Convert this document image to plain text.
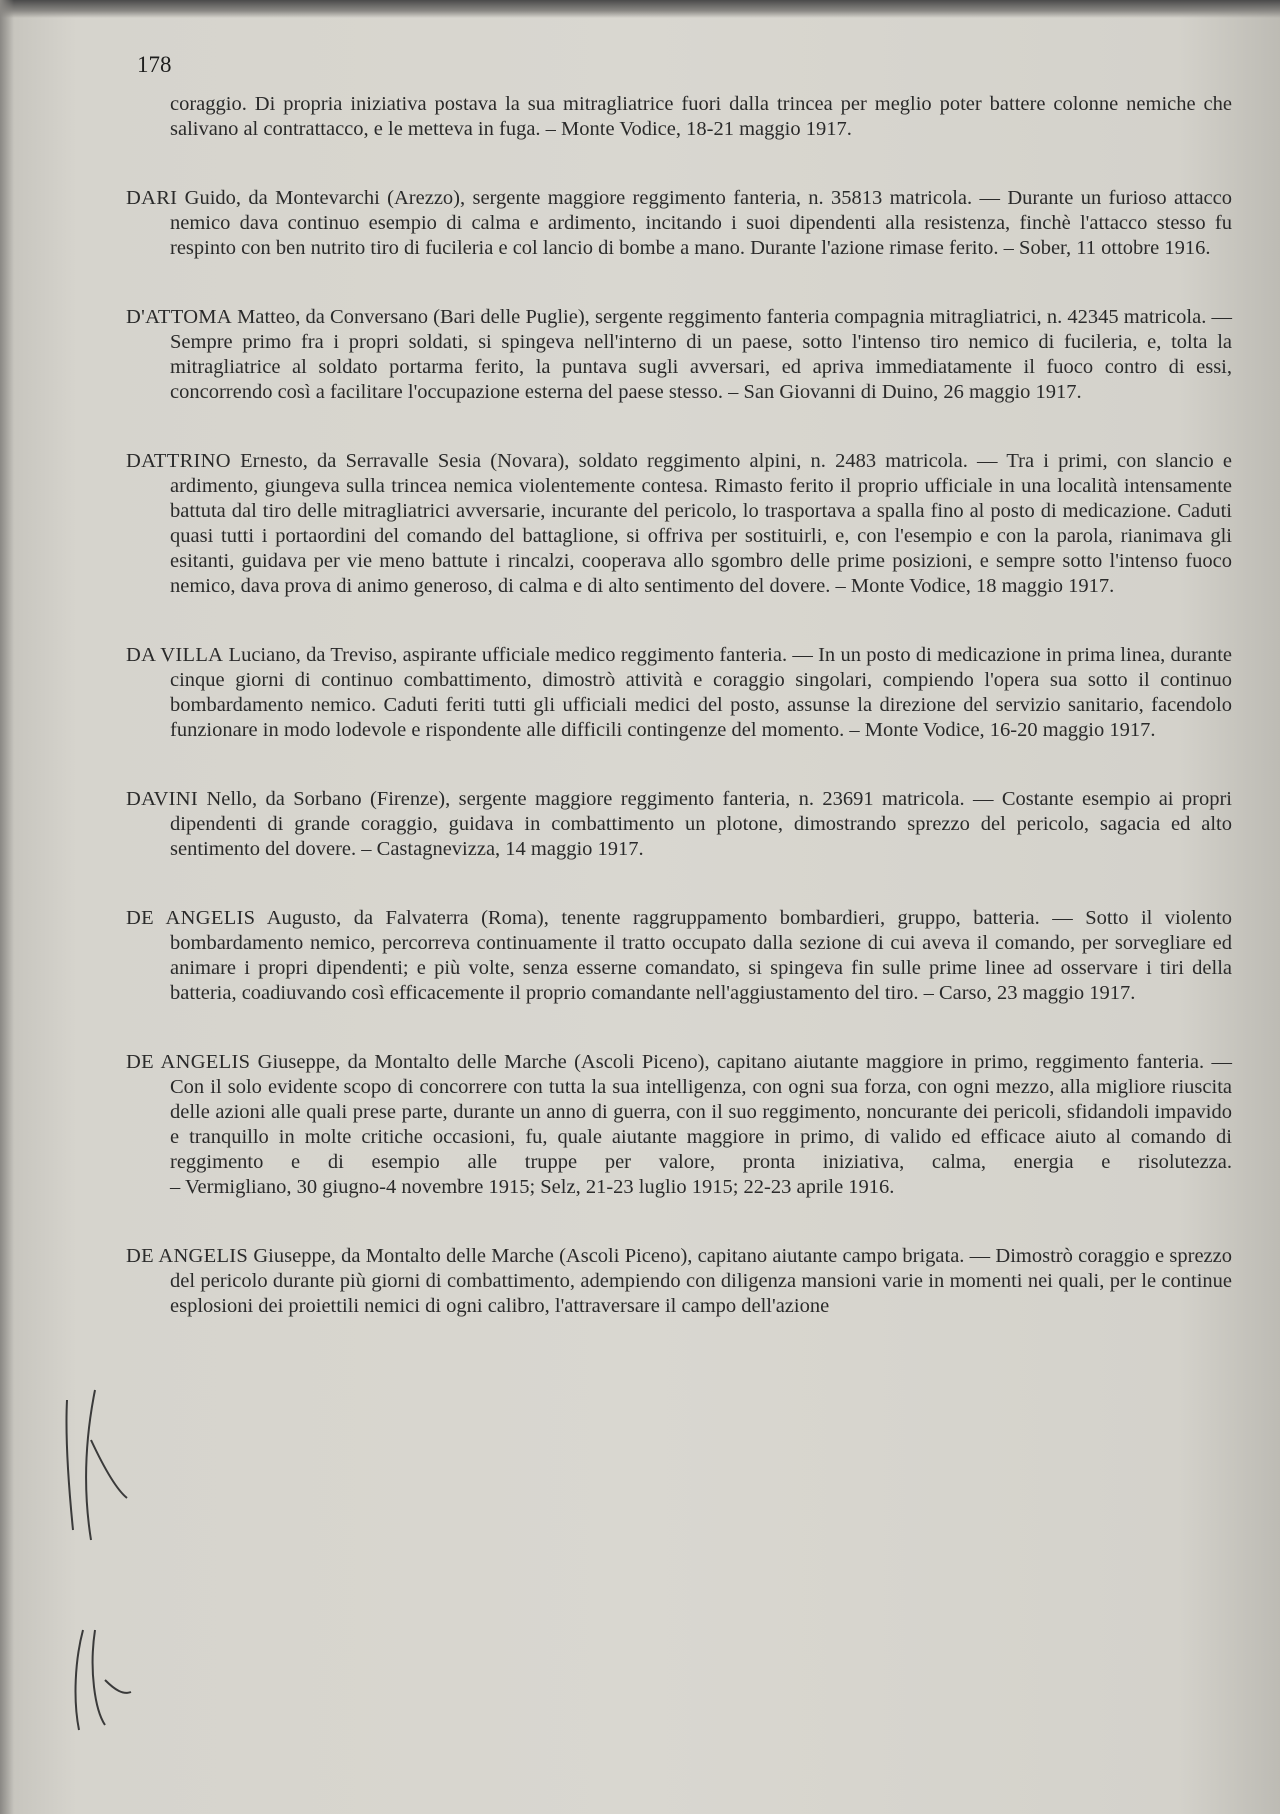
178

coraggio. Di propria iniziativa postava la sua mitragliatrice fuori dalla trincea per meglio poter battere colonne nemiche che salivano al contrattacco, e le metteva in fuga. – Monte Vodice, 18-21 maggio 1917.

DARI Guido, da Montevarchi (Arezzo), sergente maggiore reggimento fanteria, n. 35813 matricola. — Durante un furioso attacco nemico dava continuo esempio di calma e ardimento, incitando i suoi dipendenti alla resistenza, finchè l'attacco stesso fu respinto con ben nutrito tiro di fucileria e col lancio di bombe a mano. Durante l'azione rimase ferito. – Sober, 11 ottobre 1916.

D'ATTOMA Matteo, da Conversano (Bari delle Puglie), sergente reggimento fanteria compagnia mitragliatrici, n. 42345 matricola. — Sempre primo fra i propri soldati, si spingeva nell'interno di un paese, sotto l'intenso tiro nemico di fucileria, e, tolta la mitragliatrice al soldato portarma ferito, la puntava sugli avversari, ed apriva immediatamente il fuoco contro di essi, concorrendo così a facilitare l'occupazione esterna del paese stesso. – San Giovanni di Duino, 26 maggio 1917.

DATTRINO Ernesto, da Serravalle Sesia (Novara), soldato reggimento alpini, n. 2483 matricola. — Tra i primi, con slancio e ardimento, giungeva sulla trincea nemica violentemente contesa. Rimasto ferito il proprio ufficiale in una località intensamente battuta dal tiro delle mitragliatrici avversarie, incurante del pericolo, lo trasportava a spalla fino al posto di medicazione. Caduti quasi tutti i portaordini del comando del battaglione, si offriva per sostituirli, e, con l'esempio e con la parola, rianimava gli esitanti, guidava per vie meno battute i rincalzi, cooperava allo sgombro delle prime posizioni, e sempre sotto l'intenso fuoco nemico, dava prova di animo generoso, di calma e di alto sentimento del dovere. – Monte Vodice, 18 maggio 1917.

DA VILLA Luciano, da Treviso, aspirante ufficiale medico reggimento fanteria. — In un posto di medicazione in prima linea, durante cinque giorni di continuo combattimento, dimostrò attività e coraggio singolari, compiendo l'opera sua sotto il continuo bombardamento nemico. Caduti feriti tutti gli ufficiali medici del posto, assunse la direzione del servizio sanitario, facendolo funzionare in modo lodevole e rispondente alle difficili contingenze del momento. – Monte Vodice, 16-20 maggio 1917.

DAVINI Nello, da Sorbano (Firenze), sergente maggiore reggimento fanteria, n. 23691 matricola. — Costante esempio ai propri dipendenti di grande coraggio, guidava in combattimento un plotone, dimostrando sprezzo del pericolo, sagacia ed alto sentimento del dovere. – Castagnevizza, 14 maggio 1917.

DE ANGELIS Augusto, da Falvaterra (Roma), tenente raggruppamento bombardieri, gruppo, batteria. — Sotto il violento bombardamento nemico, percorreva continuamente il tratto occupato dalla sezione di cui aveva il comando, per sorvegliare ed animare i propri dipendenti; e più volte, senza esserne comandato, si spingeva fin sulle prime linee ad osservare i tiri della batteria, coadiuvando così efficacemente il proprio comandante nell'aggiustamento del tiro. – Carso, 23 maggio 1917.

DE ANGELIS Giuseppe, da Montalto delle Marche (Ascoli Piceno), capitano aiutante maggiore in primo, reggimento fanteria. — Con il solo evidente scopo di concorrere con tutta la sua intelligenza, con ogni sua forza, con ogni mezzo, alla migliore riuscita delle azioni alle quali prese parte, durante un anno di guerra, con il suo reggimento, noncurante dei pericoli, sfidandoli impavido e tranquillo in molte critiche occasioni, fu, quale aiutante maggiore in primo, di valido ed efficace aiuto al comando di reggimento e di esempio alle truppe per valore, pronta iniziativa, calma, energia e risolutezza. – Vermigliano, 30 giugno-4 novembre 1915; Selz, 21-23 luglio 1915; 22-23 aprile 1916.

DE ANGELIS Giuseppe, da Montalto delle Marche (Ascoli Piceno), capitano aiutante campo brigata. — Dimostrò coraggio e sprezzo del pericolo durante più giorni di combattimento, adempiendo con diligenza mansioni varie in momenti nei quali, per le continue esplosioni dei proiettili nemici di ogni calibro, l'attraversare il campo dell'azione
